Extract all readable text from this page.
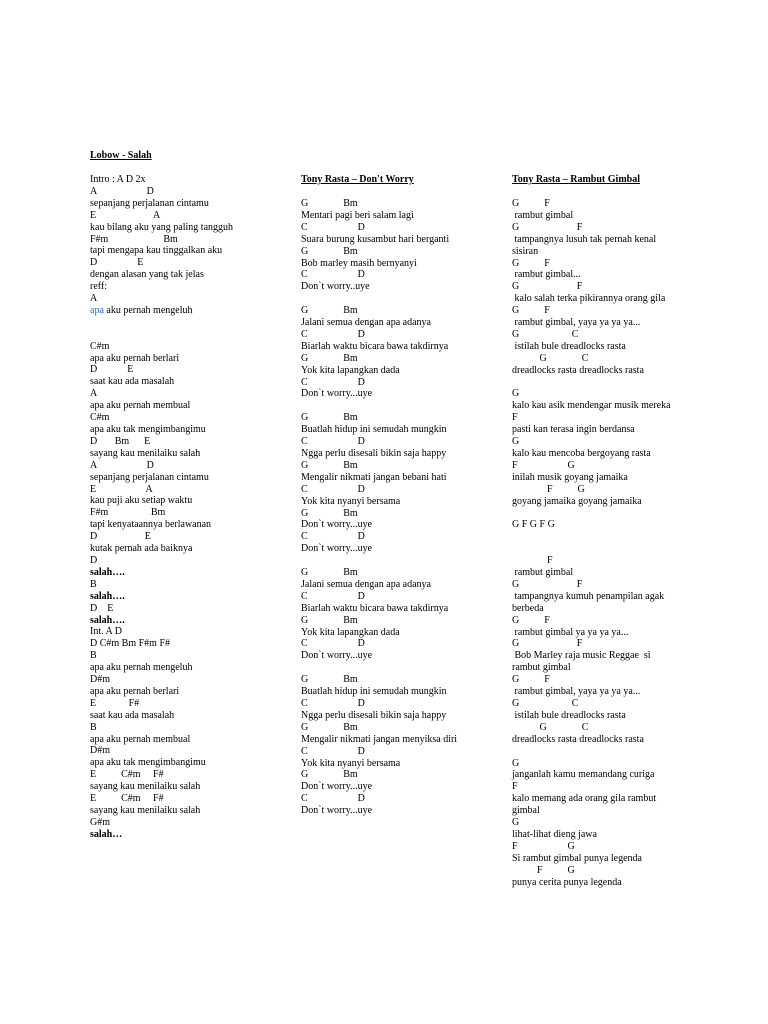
Lobow - Salah
Intro : A D 2x
A                    D
sepanjang perjalanan cintamu
E                       A
kau bilang aku yang paling tangguh
F#m                      Bm
tapi mengapa kau tinggalkan aku
D                E
dengan alasan yang tak jelas
reff:
A
apa aku pernah mengeluh
C#m
apa aku pernah berlari
D            E
saat kau ada masalah
A
apa aku pernah membual
C#m
apa aku tak mengimbangimu
D       Bm      E
sayang kau menilaiku salah
A                    D
sepanjang perjalanan cintamu
E                    A
kau puji aku setiap waktu
F#m                 Bm
tapi kenyataannya berlawanan
D                   E
kutak pernah ada baiknya
D
salah….
B
salah….
D    E
salah….
Int. A D
D C#m Bm F#m F#
B
apa aku pernah mengeluh
D#m
apa aku pernah berlari
E             F#
saat kau ada masalah
B
apa aku pernah membual
D#m
apa aku tak mengimbangimu
E          C#m     F#
sayang kau menilaiku salah
E          C#m     F#
sayang kau menilaiku salah
G#m
salah…
Tony Rasta – Don't Worry
G              Bm
Mentari pagi beri salam lagi
C                    D
Suara burung kusambut hari berganti
G              Bm
Bob marley masih bernyanyi
C                    D
Don`t worry..uye
G              Bm
Jalani semua dengan apa adanya
C                    D
Biarlah waktu bicara bawa takdirnya
G              Bm
Yok kita lapangkan dada
C                    D
Don`t worry...uye
G              Bm
Buatlah hidup ini semudah mungkin
C                    D
Ngga perlu disesali bikin saja happy
G              Bm
Mengalir nikmati jangan bebani hati
C                    D
Yok kita nyanyi bersama
G              Bm
Don`t worry...uye
C                    D
Don`t worry...uye
G              Bm
Jalani semua dengan apa adanya
C                    D
Biarlah waktu bicara bawa takdirnya
G              Bm
Yok kita lapangkan dada
C                    D
Don`t worry...uye
G              Bm
Buatlah hidup ini semudah mungkin
C                    D
Ngga perlu disesali bikin saja happy
G              Bm
Mengalir nikmati jangan menyiksa diri
C                    D
Yok kita nyanyi bersama
G              Bm
Don`t worry...uye
C                    D
Don`t worry...uye
Tony Rasta – Rambut Gimbal
G          F
rambut gimbal
G                       F
tampangnya lusuh tak pernah kenal
sisiran
G          F
rambut gimbal...
G                       F
kalo salah terka pikirannya orang gila
G          F
rambut gimbal, yaya ya ya ya...
G                     C
istilah bule dreadlocks rasta
G              C
dreadlocks rasta dreadlocks rasta
G
kalo kau asik mendengar musik mereka
F
pasti kan terasa ingin berdansa
G
kalo kau mencoba bergoyang rasta
F                    G
inilah musik goyang jamaika
F          G
goyang jamaika goyang jamaika
G F G F G
F
rambut gimbal
G                       F
tampangnya kumuh penampilan agak
berbeda
G          F
rambut gimbal ya ya ya ya...
G                       F
Bob Marley raja music Reggae  si
rambut gimbal
G          F
rambut gimbal, yaya ya ya ya...
G                     C
istilah bule dreadlocks rasta
G              C
dreadlocks rasta dreadlocks rasta
G
janganlah kamu memandang curiga
F
kalo memang ada orang gila rambut
gimbal
G
lihat-lihat dieng jawa
F                    G
Si rambut gimbal punya legenda
F          G
punya cerita punya legenda
